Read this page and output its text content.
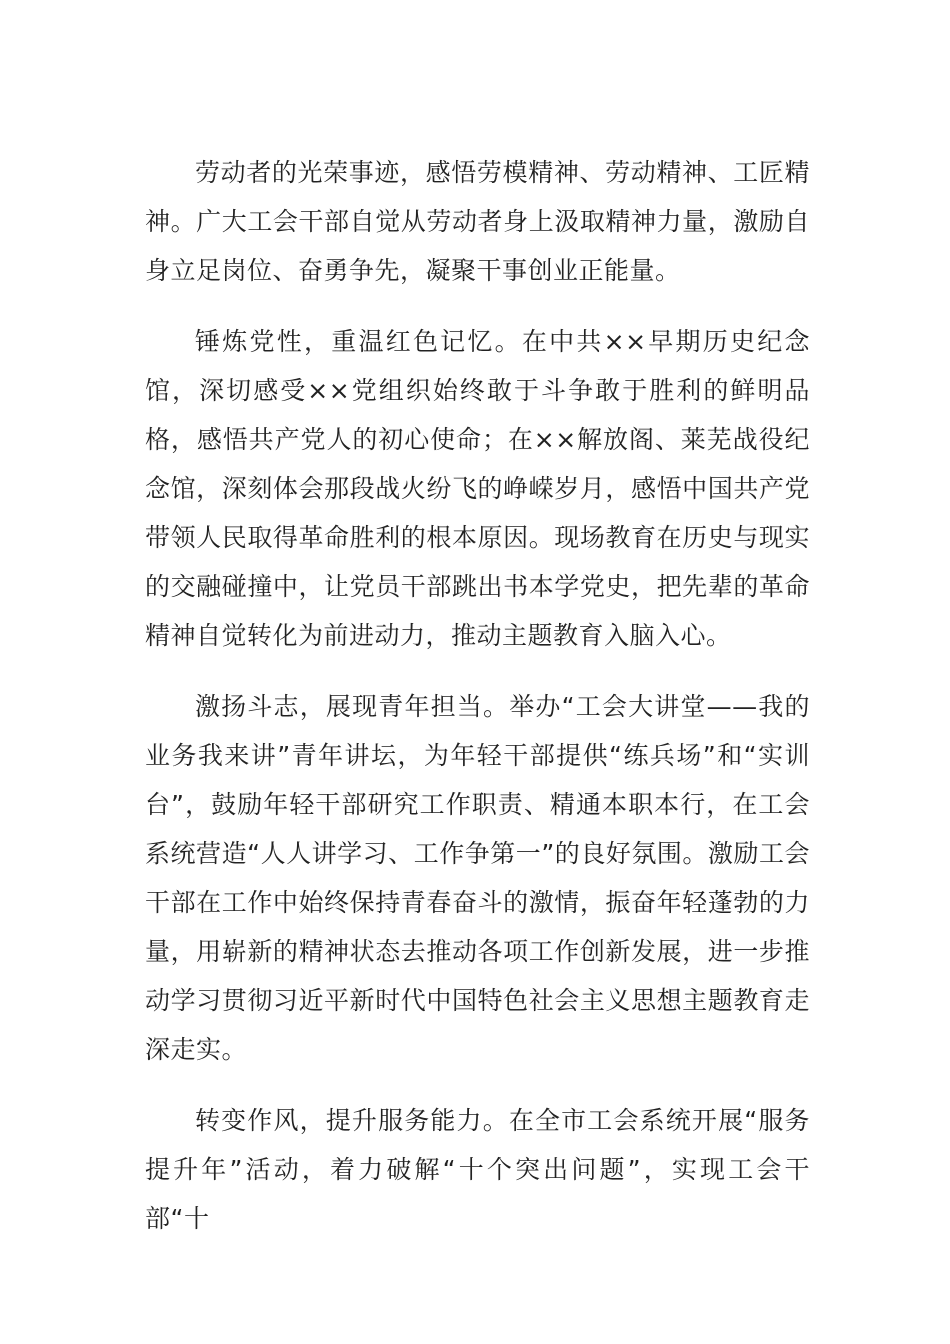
劳动者的光荣事迹，感悟劳模精神、劳动精神、工匠精神。广大工会干部自觉从劳动者身上汲取精神力量，激励自身立足岗位、奋勇争先，凝聚干事创业正能量。

锤炼党性，重温红色记忆。在中共××早期历史纪念馆，深切感受××党组织始终敢于斗争敢于胜利的鲜明品格，感悟共产党人的初心使命；在××解放阁、莱芜战役纪念馆，深刻体会那段战火纷飞的峥嵘岁月，感悟中国共产党带领人民取得革命胜利的根本原因。现场教育在历史与现实的交融碰撞中，让党员干部跳出书本学党史，把先辈的革命精神自觉转化为前进动力，推动主题教育入脑入心。

激扬斗志，展现青年担当。举办“工会大讲堂——我的业务我来讲”青年讲坛，为年轻干部提供“练兵场”和“实训台”，鼓励年轻干部研究工作职责、精通本职本行，在工会系统营造“人人讲学习、工作争第一”的良好氛围。激励工会干部在工作中始终保持青春奋斗的激情，振奋年轻蓬勃的力量，用崭新的精神状态去推动各项工作创新发展，进一步推动学习贯彻习近平新时代中国特色社会主义思想主题教育走深走实。

转变作风，提升服务能力。在全市工会系统开展“服务提升年”活动，着力破解“十个突出问题”，实现工会干部“十
